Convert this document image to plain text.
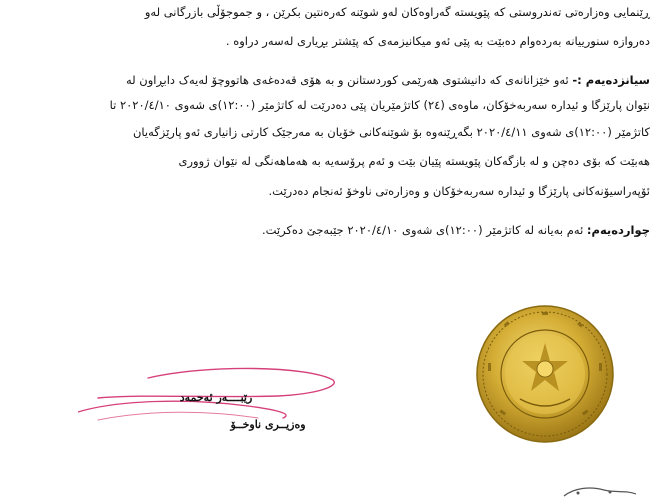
ڕێنمایی وەزارەتی تەندروستی کە پێویستە گەراوەکان لەو شوێنە کەرەنتین بکرێن ، و جموجۆڵی بازرگانی لەو
دەروازە سنورییانە بەردەوام دەبێت بە پێی ئەو میکانیزمەی کە پێشتر بڕیاری لەسەر دراوە .
سیانزدەیەم :- ئەو خێزانانەی کە دانیشتوی هەرێمی کوردستانن و بە هۆی قەدەغەی هاتووچۆ لەیەک دابڕاون لە
نێوان پارێزگا و ئیدارە سەربەخۆکان، ماوەی (٢٤) کاتژمێریان پێی دەدرێت لە کاتژمێر (١٢:٠٠)ی شەوی ٢٠٢٠/٤/١٠ تا
کاتژمێر (١٢:٠٠)ی شەوی ٢٠٢٠/٤/١١ بگەڕێنەوە بۆ شوێنەکانی خۆیان بە مەرجێک کارتی زانیاری ئەو پارێزگەیان
هەبێت کە بۆی دەچن و لە بازگەکان پێویستە پێیان بێت و ئەم پرۆسەیە بە هەماهەنگی لە نێوان ژووری
ئۆپەراسیۆنەکانی پارێزگا و ئیدارە سەربەخۆکان و وەزارەتی ناوخۆ ئەنجام دەدرێت.
چواردەیەم: ئەم بەیانە لە کاتژمێر (١٢:٠٠)ی شەوی ٢٠٢٠/٤/١٠ جێبەجێ دەکرێت.
رێبــــەر ئەحمەد
وەزیــری ناوخــۆ
